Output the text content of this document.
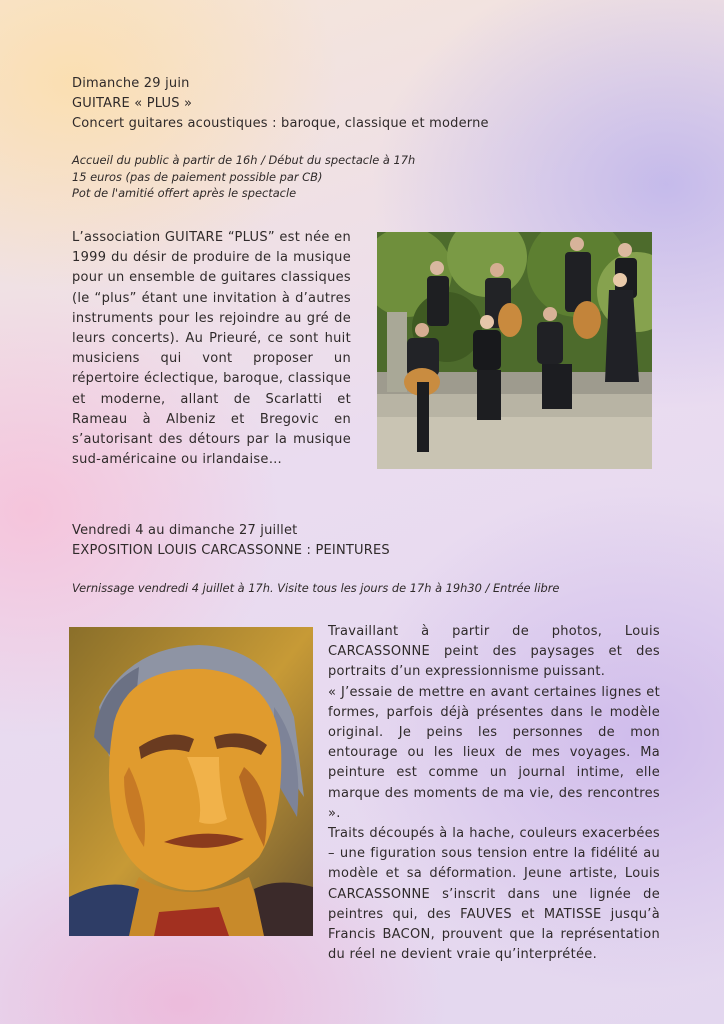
Dimanche 29 juin
GUITARE « PLUS »
Concert guitares acoustiques : baroque, classique et moderne
Accueil du public à partir de 16h / Début du spectacle à 17h
15 euros (pas de paiement possible par CB)
Pot de l'amitié offert après le spectacle

L’association GUITARE “PLUS” est née en 1999 du désir de produire de la musique pour un ensemble de guitares classiques (le “plus” étant une invitation à d’autres instruments pour les rejoindre au gré de leurs concerts). Au Prieuré, ce sont huit musiciens qui vont proposer un répertoire éclectique, baroque, classique et moderne, allant de Scarlatti et Rameau à Albeniz et Bregovic en s’autorisant des détours par la musique sud-américaine ou irlandaise…

Vendredi 4 au dimanche 27 juillet
EXPOSITION LOUIS CARCASSONNE : PEINTURES
Vernissage vendredi 4 juillet à 17h. Visite tous les jours de 17h à 19h30 / Entrée libre

Travaillant à partir de photos, Louis CARCASSONNE peint des paysages et des portraits d’un expressionnisme puissant.

« J’essaie de mettre en avant certaines lignes et formes, parfois déjà présentes dans le modèle original. Je peins les personnes de mon entourage ou les lieux de mes voyages. Ma peinture est comme un journal intime, elle marque des moments de ma vie, des rencontres ».

Traits découpés à la hache, couleurs exacerbées – une figuration sous tension entre la fidélité au modèle et sa déformation. Jeune artiste, Louis CARCASSONNE s’inscrit dans une lignée de peintres qui, des FAUVES et MATISSE jusqu’à Francis BACON, prouvent que la représentation du réel ne devient vraie qu’interprétée.
